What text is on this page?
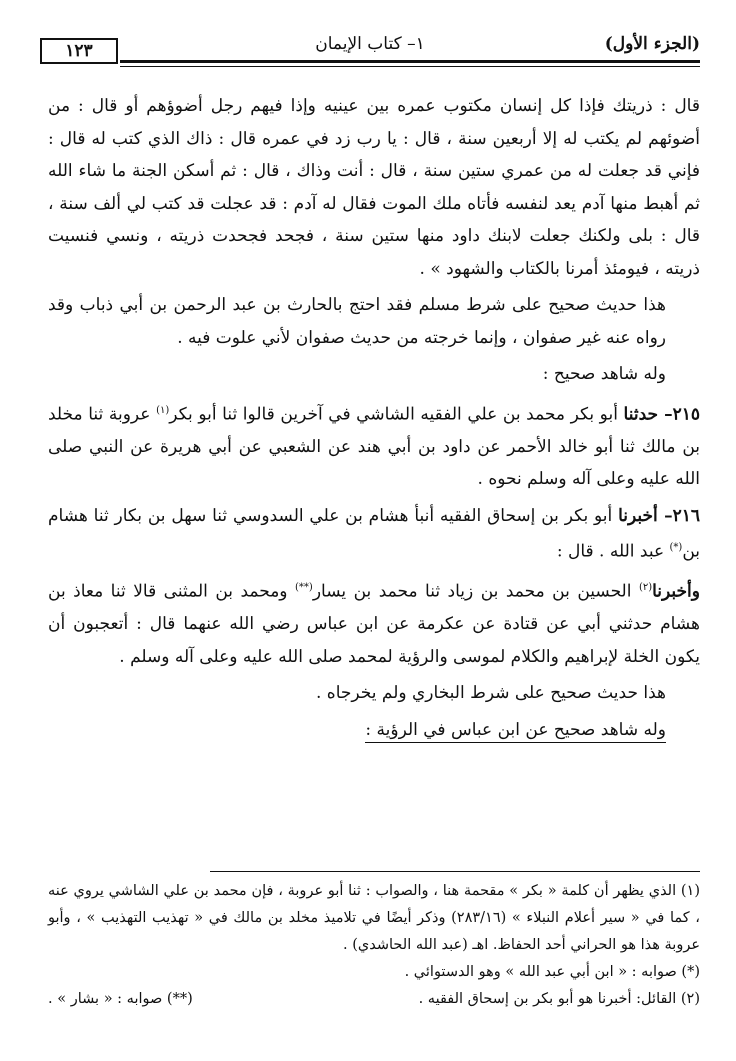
١٢٣	١– كتاب الإيمان	(الجزء الأول)

قال : ذريتك فإذا كل إنسان مكتوب عمره بين عينيه وإذا فيهم رجل أضوؤهم أو قال : من أضوئهم لم يكتب له إلا أربعين سنة ، قال : يا رب زد في عمره قال : ذاك الذي كتب له قال : فإني قد جعلت له من عمري ستين سنة ، قال : أنت وذاك ، قال : ثم أسكن الجنة ما شاء الله ثم أهبط منها آدم يعد لنفسه فأتاه ملك الموت فقال له آدم : قد عجلت قد كتب لي ألف سنة ، قال : بلى ولكنك جعلت لابنك داود منها ستين سنة ، فجحد فجحدت ذريته ، ونسي فنسيت ذريته ، فيومئذ أمرنا بالكتاب والشهود » .

هذا حديث صحيح على شرط مسلم فقد احتج بالحارث بن عبد الرحمن بن أبي ذباب وقد رواه عنه غير صفوان ، وإنما خرجته من حديث صفوان لأني علوت فيه .

وله شاهد صحيح :

٢١٥– حدثنا أبو بكر محمد بن علي الفقيه الشاشي في آخرين قالوا ثنا أبو بكر$^{(١)}$ عروبة ثنا مخلد بن مالك ثنا أبو خالد الأحمر عن داود بن أبي هند عن الشعبي عن أبي هريرة عن النبي صلى الله عليه وعلى آله وسلم نحوه .

٢١٦– أخبرنا أبو بكر بن إسحاق الفقيه أنبأ هشام بن علي السدوسي ثنا سهل بن بكار ثنا هشام بن(*) عبد الله . قال :

وأخبرنا$^{(٢)}$ الحسين بن محمد بن زياد ثنا محمد بن يسار(**) ومحمد بن المثنى قالا ثنا معاذ بن هشام حدثني أبي عن قتادة عن عكرمة عن ابن عباس رضي الله عنهما قال : أتعجبون أن يكون الخلة لإبراهيم والكلام لموسى والرؤية لمحمد صلى الله عليه وعلى آله وسلم .

هذا حديث صحيح على شرط البخاري ولم يخرجاه .

وله شاهد صحيح عن ابن عباس في الرؤية :

(١) الذي يظهر أن كلمة « بكر » مقحمة هنا ، والصواب : ثنا أبو عروبة ، فإن محمد بن علي الشاشي يروي عنه ، كما في « سير أعلام النبلاء » (٢٨٣/١٦) وذكر أيضًا في تلاميذ مخلد بن مالك في « تهذيب التهذيب » ، وأبو عروبة هذا هو الحراني أحد الحفاظ. اهـ (عبد الله الحاشدي) .

(*) صوابه : « ابن أبي عبد الله » وهو الدستوائي .

(٢) القائل: أخبرنا هو أبو بكر بن إسحاق الفقيه .
(**) صوابه : « بشار » .
